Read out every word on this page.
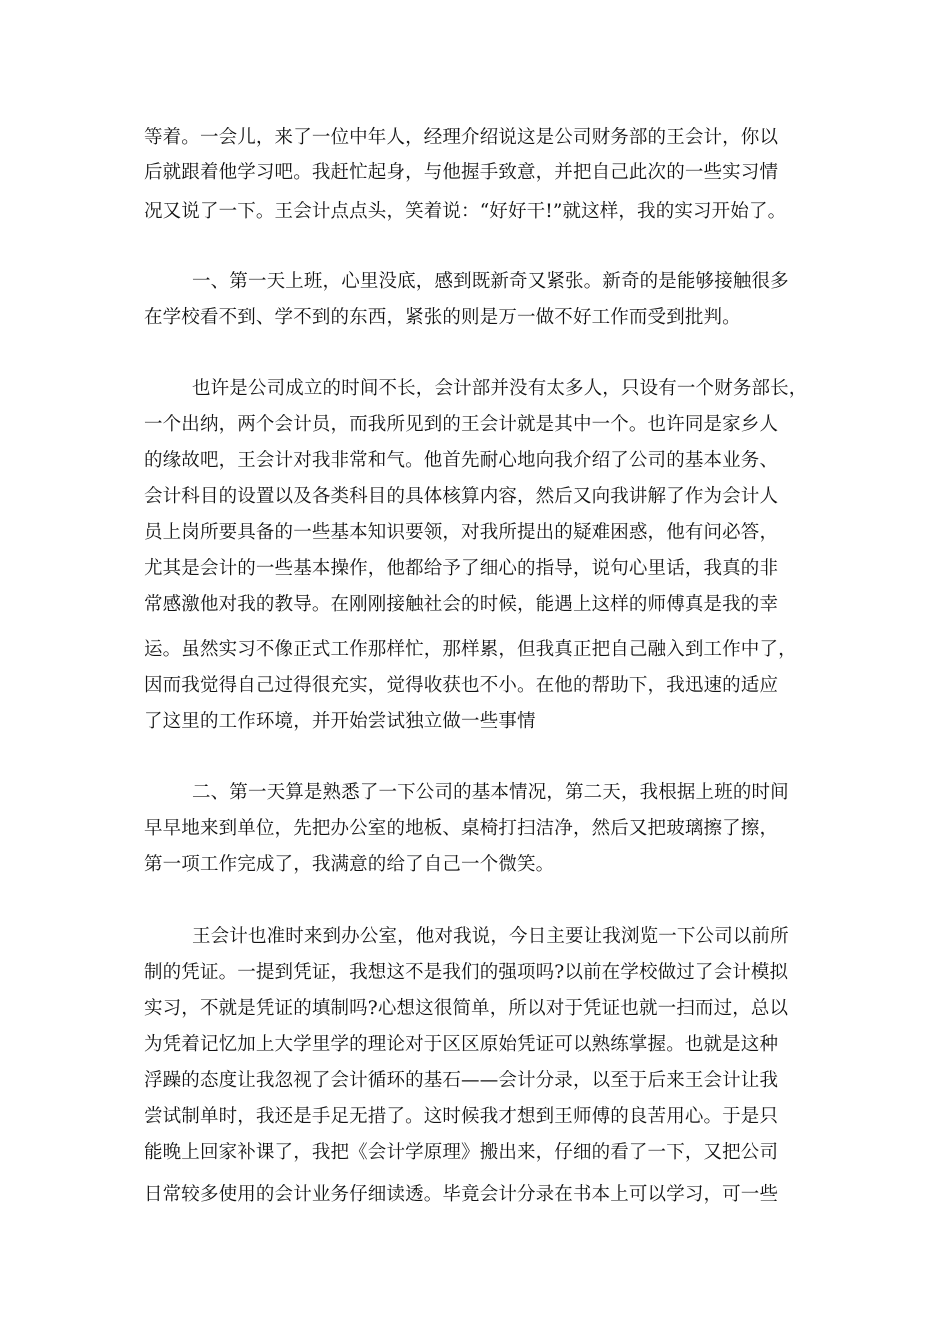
等着。一会儿，来了一位中年人，经理介绍说这是公司财务部的王会计，你以
后就跟着他学习吧。我赶忙起身，与他握手致意，并把自己此次的一些实习情
况又说了一下。王会计点点头，笑着说：“好好干!”就这样，我的实习开始了。
一、第一天上班，心里没底，感到既新奇又紧张。新奇的是能够接触很多
在学校看不到、学不到的东西，紧张的则是万一做不好工作而受到批判。
也许是公司成立的时间不长，会计部并没有太多人，只设有一个财务部长，
一个出纳，两个会计员，而我所见到的王会计就是其中一个。也许同是家乡人
的缘故吧，王会计对我非常和气。他首先耐心地向我介绍了公司的基本业务、
会计科目的设置以及各类科目的具体核算内容，然后又向我讲解了作为会计人
员上岗所要具备的一些基本知识要领，对我所提出的疑难困惑，他有问必答，
尤其是会计的一些基本操作，他都给予了细心的指导，说句心里话，我真的非
常感激他对我的教导。在刚刚接触社会的时候，能遇上这样的师傅真是我的幸
运。虽然实习不像正式工作那样忙，那样累，但我真正把自己融入到工作中了，
因而我觉得自己过得很充实，觉得收获也不小。在他的帮助下，我迅速的适应
了这里的工作环境，并开始尝试独立做一些事情
二、第一天算是熟悉了一下公司的基本情况，第二天，我根据上班的时间
早早地来到单位，先把办公室的地板、桌椅打扫洁净，然后又把玻璃擦了擦，
第一项工作完成了，我满意的给了自己一个微笑。
王会计也准时来到办公室，他对我说，今日主要让我浏览一下公司以前所
制的凭证。一提到凭证，我想这不是我们的强项吗?以前在学校做过了会计模拟
实习，不就是凭证的填制吗?心想这很简单，所以对于凭证也就一扫而过，总以
为凭着记忆加上大学里学的理论对于区区原始凭证可以熟练掌握。也就是这种
浮躁的态度让我忽视了会计循环的基石——会计分录，以至于后来王会计让我
尝试制单时，我还是手足无措了。这时候我才想到王师傅的良苦用心。于是只
能晚上回家补课了，我把《会计学原理》搬出来，仔细的看了一下，又把公司
日常较多使用的会计业务仔细读透。毕竟会计分录在书本上可以学习，可一些
